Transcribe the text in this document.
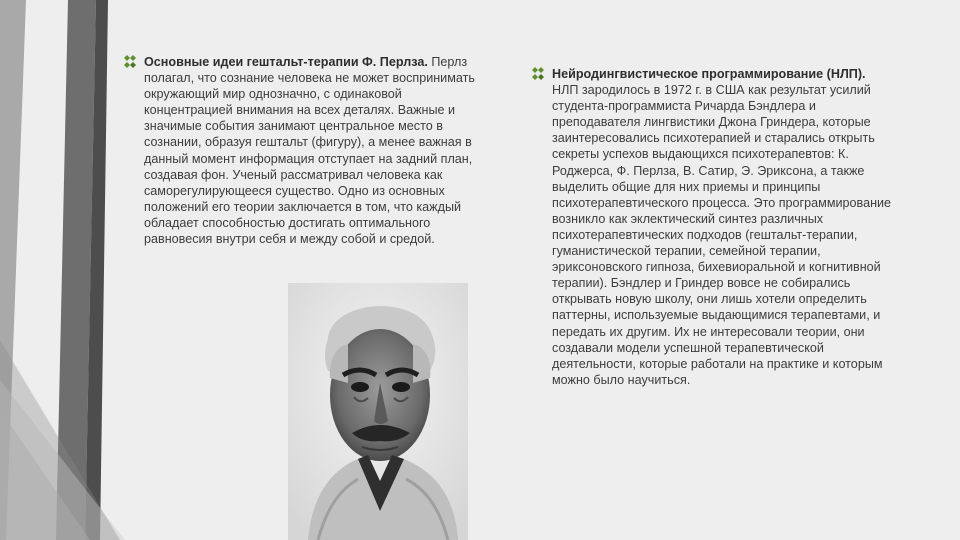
Основные идеи гештальт-терапии Ф. Перлза. Перлз полагал, что сознание человека не может воспринимать окружающий мир однозначно, с одинаковой концентрацией внимания на всех деталях. Важные и значимые события занимают центральное место в сознании, образуя гештальт (фигуру), а менее важная в данный момент информация отступает на задний план, создавая фон. Ученый рассматривал человека как саморегулирующееся существо. Одно из основных положений его теории заключается в том, что каждый обладает способностью достигать оптимального равновесия внутри себя и между собой и средой.
Нейродингвистическое программирование (НЛП).
НЛП зародилось в 1972 г. в США как результат усилий студента-программиста Ричарда Бэндлера и преподавателя лингвистики Джона Гриндера, которые заинтересовались психотерапией и старались открыть секреты успехов выдающихся психотерапевтов: К. Роджерса, Ф. Перлза, В. Сатир, Э. Эриксона, а также выделить общие для них приемы и принципы психотерапевтического процесса. Это программирование возникло как эклектический синтез различных психотерапевтических подходов (гештальт-терапии, гуманистической терапии, семейной терапии, эриксоновского гипноза, бихевиоральной и когнитивной терапии). Бэндлер и Гриндер вовсе не собирались открывать новую школу, они лишь хотели определить паттерны, используемые выдающимися терапевтами, и передать их другим. Их не интересовали теории, они создавали модели успешной терапевтической деятельности, которые работали на практике и которым можно было научиться.
